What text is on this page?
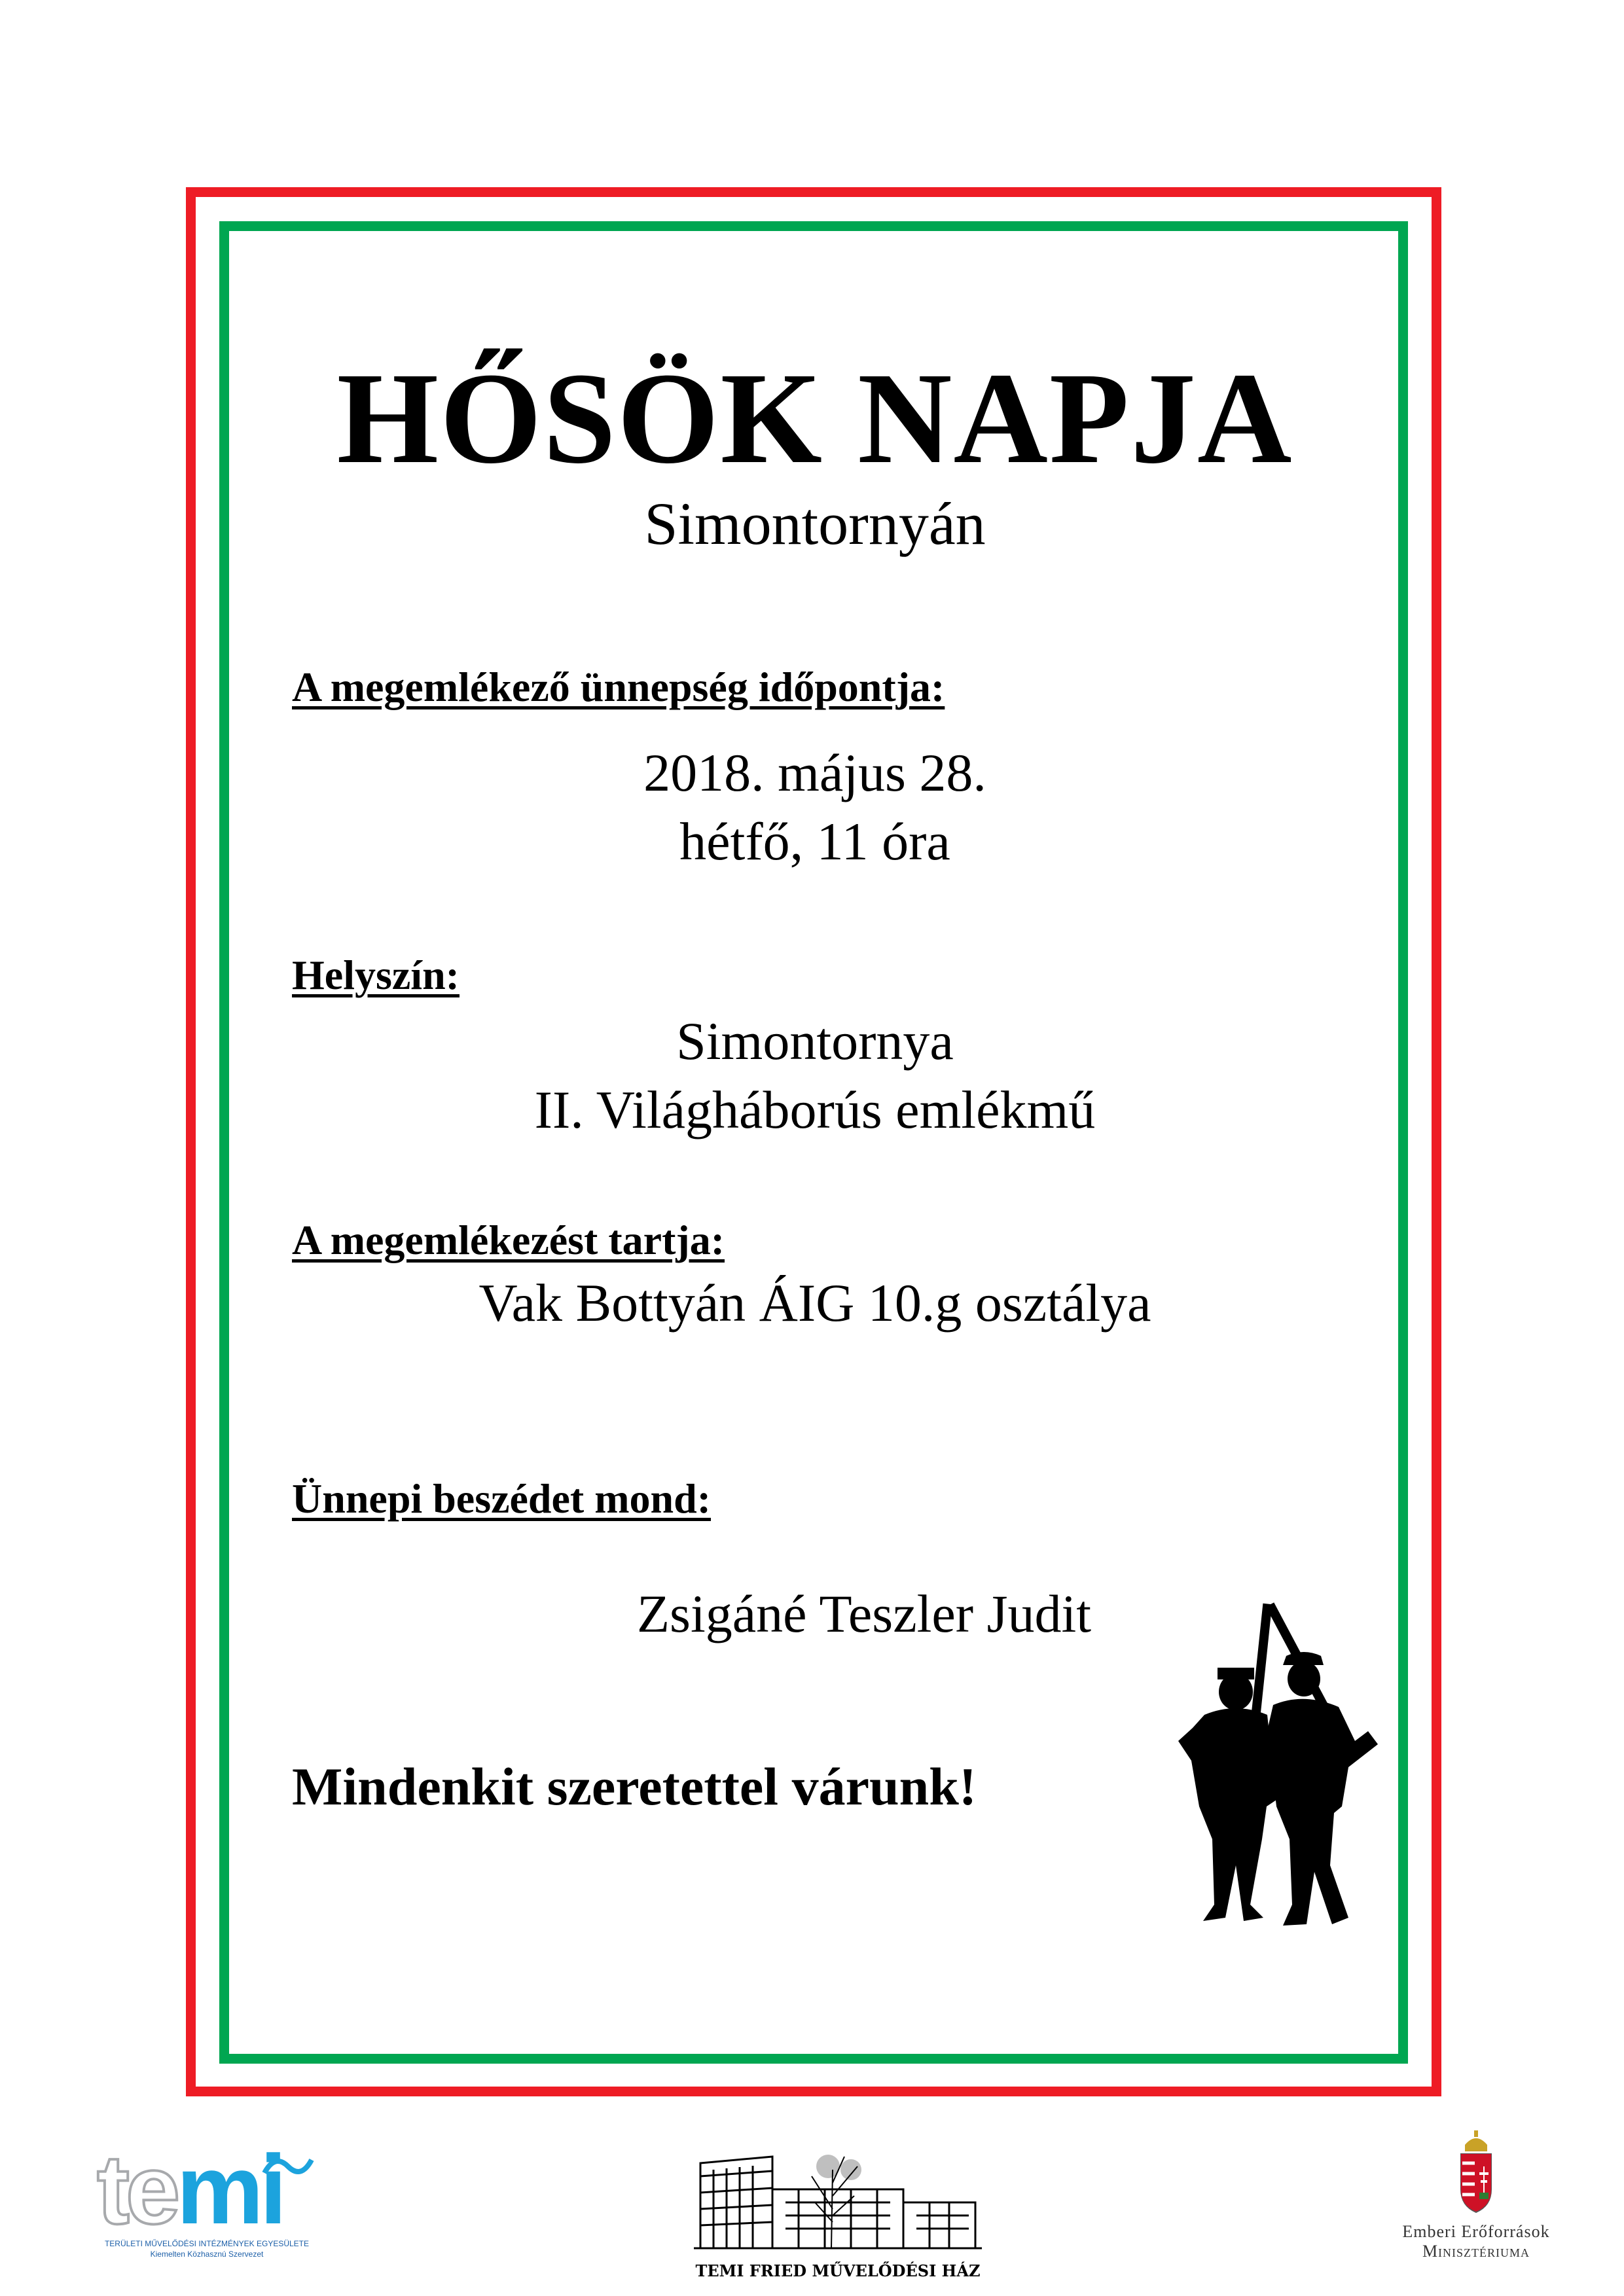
HŐSÖK NAPJA
Simontornyán
A megemlékező ünnepség időpontja:
2018. május 28.
hétfő, 11 óra
Helyszín:
Simontornya
II. Világháborús emlékmű
A megemlékezést tartja:
Vak Bottyán ÁIG 10.g osztálya
Ünnepi beszédet mond:
Zsigáné Teszler Judit
Mindenkit szeretettel várunk!
temi
TERÜLETI MŰVELŐDÉSI INTÉZMÉNYEK EGYESÜLETE
Kiemelten Közhasznú Szervezet
TEMI FRIED MŰVELŐDÉSI HÁZ
Emberi Erőforrások
Minisztériuma
